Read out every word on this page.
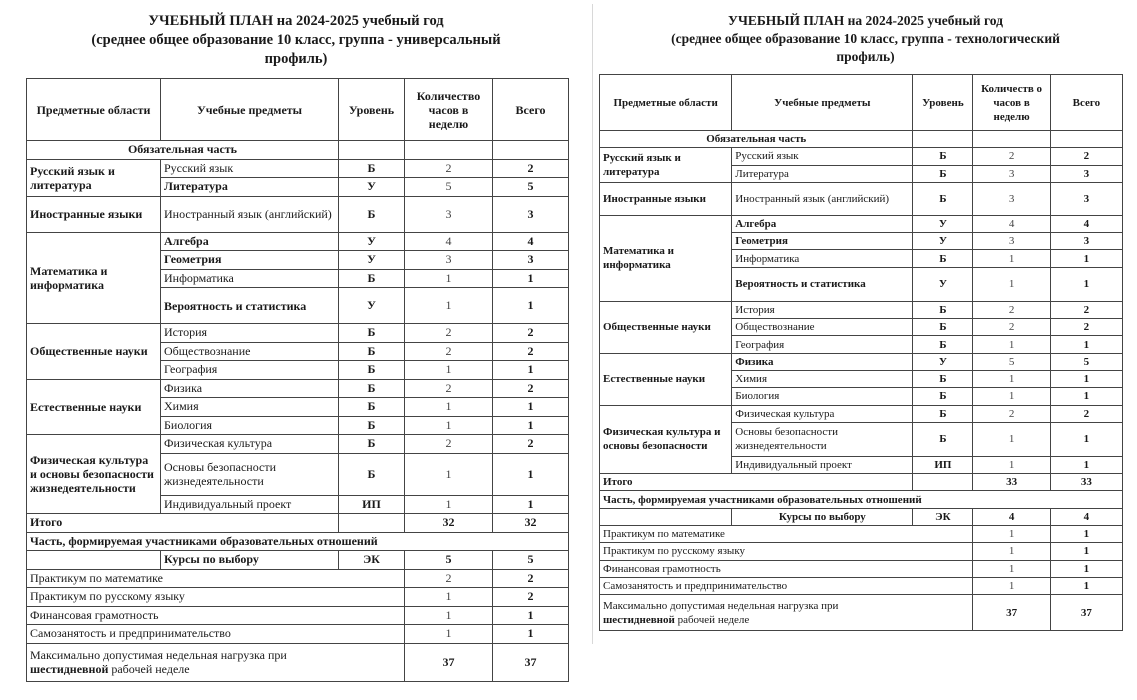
УЧЕБНЫЙ ПЛАН на 2024-2025 учебный год
(среднее общее образование 10 класс, группа - универсальный
профиль)
Предметные области	Учебные предметы	Уровень	Количество часов в неделю	Всего
Обязательная часть				
Русский язык и литература	Русский язык	Б	2	2
	Литература	У	5	5
Иностранные языки	Иностранный язык (английский)	Б	3	3
Математика и информатика	Алгебра	У	4	4
	Геометрия	У	3	3
	Информатика	Б	1	1
	Вероятность и статистика	У	1	1
Общественные науки	История	Б	2	2
	Обществознание	Б	2	2
	География	Б	1	1
Естественные науки	Физика	Б	2	2
	Химия	Б	1	1
	Биология	Б	1	1
Физическая культура и основы безопасности жизнедеятельности	Физическая культура	Б	2	2
	Основы безопасности жизнедеятельности	Б	1	1
	Индивидуальный проект	ИП	1	1
Итого			32	32
Часть, формируемая участниками образовательных отношений				
	Курсы по выбору	ЭК	5	5
Практикум по математике			2	2
Практикум по русскому языку			1	2
Финансовая грамотность			1	1
Самозанятость и предпринимательство			1	1
Максимально допустимая недельная нагрузка при
шестидневной рабочей неделе			37	37
УЧЕБНЫЙ ПЛАН на 2024-2025 учебный год
(среднее общее образование 10 класс, группа - технологический
профиль)
Предметные области	Учебные предметы	Уровень	Количеств о часов в неделю	Всего
Обязательная часть				
Русский язык и литература	Русский язык	Б	2	2
	Литература	Б	3	3
Иностранные языки	Иностранный язык (английский)	Б	3	3
Математика и информатика	Алгебра	У	4	4
	Геометрия	У	3	3
	Информатика	Б	1	1
	Вероятность и статистика	У	1	1
Общественные науки	История	Б	2	2
	Обществознание	Б	2	2
	География	Б	1	1
Естественные науки	Физика	У	5	5
	Химия	Б	1	1
	Биология	Б	1	1
Физическая культура и основы безопасности	Физическая культура	Б	2	2
	Основы безопасности жизнедеятельности	Б	1	1
	Индивидуальный проект	ИП	1	1
Итого			33	33
Часть, формируемая участниками образовательных отношений				
	Курсы по выбору	ЭК	4	4
Практикум по математике			1	1
Практикум по русскому языку			1	1
Финансовая грамотность			1	1
Самозанятость и предпринимательство			1	1
Максимально допустимая недельная нагрузка при
шестидневной рабочей неделе			37	37
